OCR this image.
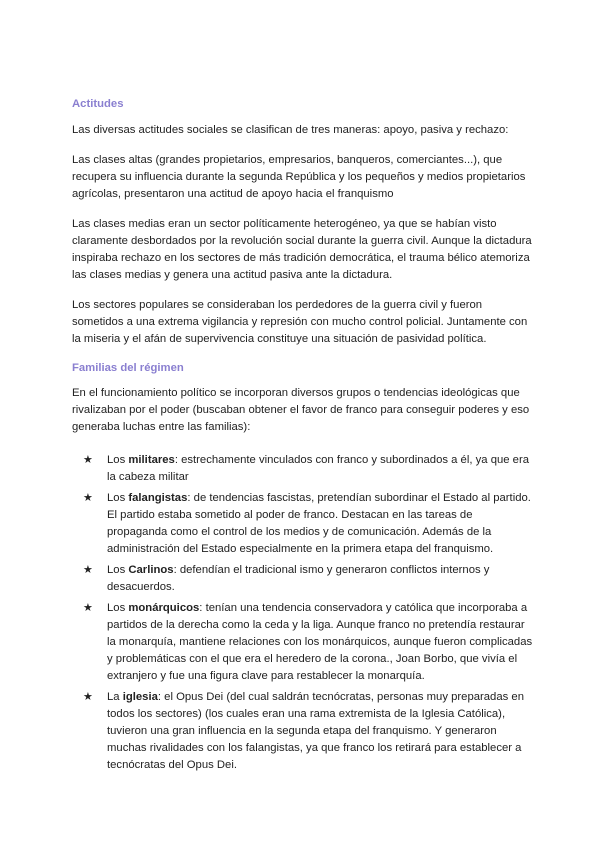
Actitudes

Las diversas actitudes sociales se clasifican de tres maneras: apoyo, pasiva y rechazo:

Las clases altas (grandes propietarios, empresarios, banqueros, comerciantes...), que recupera su influencia durante la segunda República y los pequeños y medios propietarios agrícolas, presentaron una actitud de apoyo hacia el franquismo

Las clases medias eran un sector políticamente heterogéneo, ya que se habían visto claramente desbordados por la revolución social durante la guerra civil. Aunque la dictadura inspiraba rechazo en los sectores de más tradición democrática, el trauma bélico atemoriza las clases medias y genera una actitud pasiva ante la dictadura.

Los sectores populares se consideraban los perdedores de la guerra civil y fueron sometidos a una extrema vigilancia y represión con mucho control policial. Juntamente con la miseria y el afán de supervivencia constituye una situación de pasividad política.

Familias del régimen

En el funcionamiento político se incorporan diversos grupos o tendencias ideológicas que rivalizaban por el poder (buscaban obtener el favor de franco para conseguir poderes y eso generaba luchas entre las familias):

★ Los militares: estrechamente vinculados con franco y subordinados a él, ya que era la cabeza militar
★ Los falangistas: de tendencias fascistas, pretendían subordinar el Estado al partido. El partido estaba sometido al poder de franco. Destacan en las tareas de propaganda como el control de los medios y de comunicación. Además de la administración del Estado especialmente en la primera etapa del franquismo.
★ Los Carlinos: defendían el tradicional ismo y generaron conflictos internos y desacuerdos.
★ Los monárquicos: tenían una tendencia conservadora y católica que incorporaba a partidos de la derecha como la ceda y la liga. Aunque franco no pretendía restaurar la monarquía, mantiene relaciones con los monárquicos, aunque fueron complicadas y problemáticas con el que era el heredero de la corona., Joan Borbo, que vivía el extranjero y fue una figura clave para restablecer la monarquía.
★ La iglesia: el Opus Dei (del cual saldrán tecnócratas, personas muy preparadas en todos los sectores) (los cuales eran una rama extremista de la Iglesia Católica), tuvieron una gran influencia en la segunda etapa del franquismo. Y generaron muchas rivalidades con los falangistas, ya que franco los retirará para establecer a tecnócratas del Opus Dei.
